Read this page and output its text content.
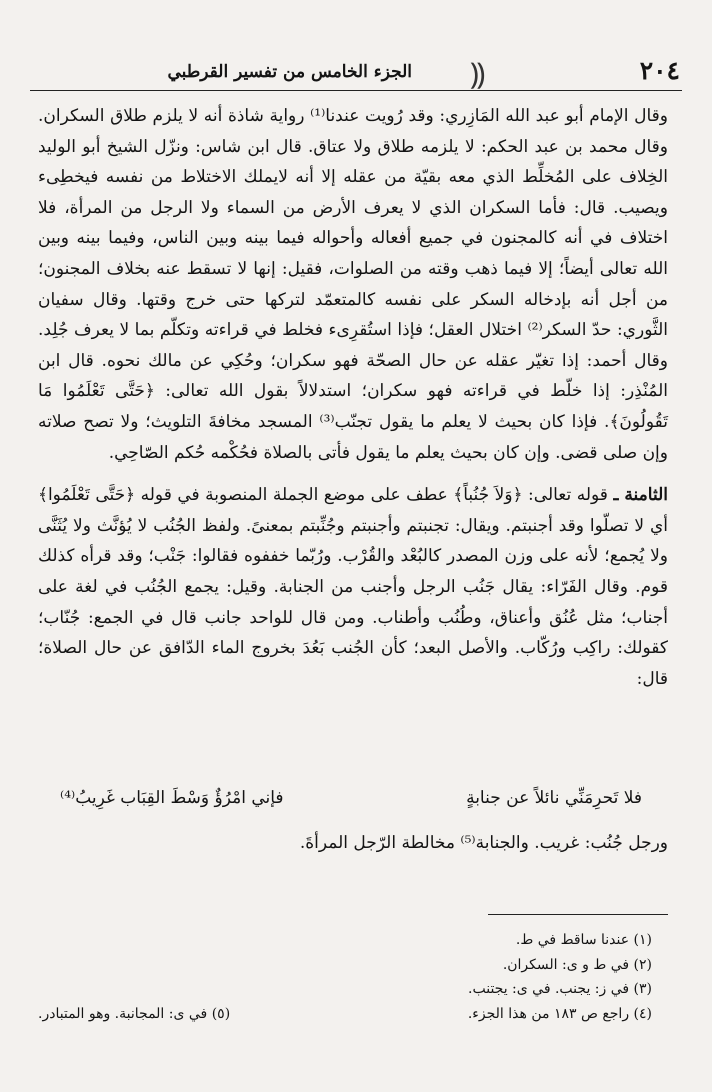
٢٠٤
الجزء الخامس من تفسير القرطبي ⸨

وقال الإمام أبو عبد الله المَازِري: وقد رُويت عندنا⁽¹⁾ رواية شاذة أنه لا يلزم طلاق السكران. وقال محمد بن عبد الحكم: لا يلزمه طلاق ولا عتاق. قال ابن شاس: ونزّل الشيخ أبو الوليد الخِلاف على المُخلِّط الذي معه بقيّة من عقله إلا أنه لايملك الاختلاط من نفسه فيخطِىء ويصيب. قال: فأما السكران الذي لا يعرف الأرض من السماء ولا الرجل من المرأة، فلا اختلاف في أنه كالمجنون في جميع أفعاله وأحواله فيما بينه وبين الناس، وفيما بينه وبين الله تعالى أيضاً؛ إلا فيما ذهب وقته من الصلوات، فقيل: إنها لا تسقط عنه بخلاف المجنون؛ من أجل أنه بإدخاله السكر على نفسه كالمتعمّد لتركها حتى خرج وقتها. وقال سفيان الثَّوري: حدّ السكر⁽²⁾ اختلال العقل؛ فإذا استُقرِىء فخلط في قراءته وتكلّم بما لا يعرف جُلِد. وقال أحمد: إذا تغيّر عقله عن حال الصحّة فهو سكران؛ وحُكِي عن مالك نحوه. قال ابن المُنْذِر: إذا خلّط في قراءته فهو سكران؛ استدلالاً بقول الله تعالى: ﴿حَتَّى تَعْلَمُوا مَا تَقُولُونَ﴾. فإذا كان بحيث لا يعلم ما يقول تجنّب⁽³⁾ المسجد مخافةَ التلويث؛ ولا تصح صلاته وإن صلى قضى. وإن كان بحيث يعلم ما يقول فأتى بالصلاة فحُكْمه حُكم الصّاحِي.

الثامنة ـ قوله تعالى: ﴿وَلاَ جُنُباً﴾ عطف على موضع الجملة المنصوبة في قوله ﴿حَتَّى تَعْلَمُوا﴾ أي لا تصلّوا وقد أجنبتم. ويقال: تجنبتم وأجنبتم وجُنِّبتم بمعنىً. ولفظ الجُنُب لا يُؤنَّث ولا يُثَنَّى ولا يُجمع؛ لأنه على وزن المصدر كالبُعْد والقُرْب. ورُبّما خففوه فقالوا: جَنْب؛ وقد قرأه كذلك قوم. وقال الفَرّاء: يقال جَنُب الرجل وأجنب من الجنابة. وقيل: يجمع الجُنُب في لغة على أجناب؛ مثل عُنُق وأعناق، وطُنُب وأطناب. ومن قال للواحد جانب قال في الجمع: جُنّاب؛ كقولك: راكِب ورُكّاب. والأصل البعد؛ كأن الجُنب بَعُدَ بخروج الماء الدّافق عن حال الصلاة؛ قال:

فلا تَحرِمَنِّي نائلاً عن جنابةٍ
فإني امْرُؤٌ وَسْطَ القِبَاب غَرِيبُ⁽⁴⁾
ورجل جُنُب: غريب. والجنابة⁽⁵⁾ مخالطة الرّجل المرأةَ.
(١) عندنا ساقط في ط.
(٢) في ط و ى: السكران.
(٣) في ز: يجنب. في ى: يجتنب.
(٤) راجع ص ١٨٣ من هذا الجزء.
(٥) في ى: المجانبة. وهو المتبادر.
